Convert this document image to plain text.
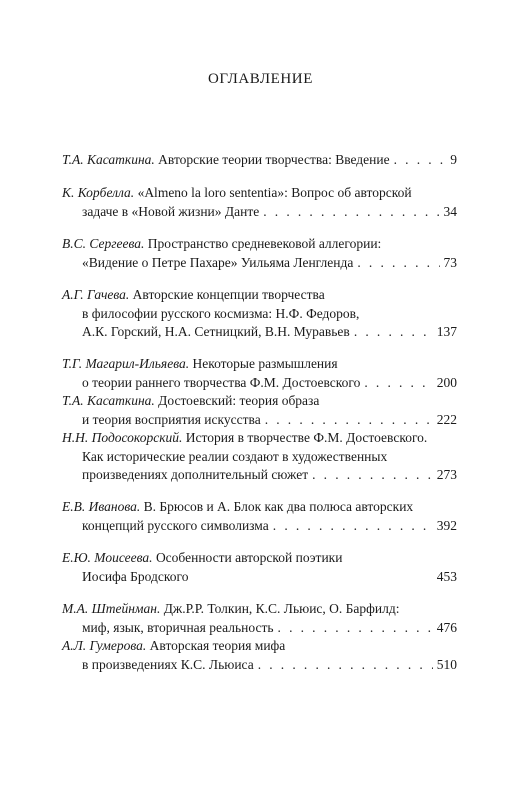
ОГЛАВЛЕНИЕ
Т.А. Касаткина.
Авторские теории творчества: Введение . . .	9
К. Корбелла.
«Almeno la loro sententia»: Вопрос об авторской
задаче в «Новой жизни» Данте . . .	34
В.С. Сергеева.
Пространство средневековой аллегории:
«Видение о Петре Пахаре» Уильяма Ленгленда . . .	73
А.Г. Гачева.
Авторские концепции творчества
в философии русского космизма: Н.Ф. Федоров,
А.К. Горский, Н.А. Сетницкий, В.Н. Муравьев . . .	137
Т.Г. Магарил-Ильяева.
Некоторые размышления
о теории раннего творчества Ф.М. Достоевского . . .	200
Т.А. Касаткина.
Достоевский: теория образа
и теория восприятия искусства . . .	222
Н.Н. Подосокорский.
История в творчестве Ф.М. Достоевского.
Как исторические реалии создают в художественных
произведениях дополнительный сюжет . . .	273
Е.В. Иванова.
В. Брюсов и А. Блок как два полюса авторских
концепций русского символизма . . .	392
Е.Ю. Моисеева.
Особенности авторской поэтики
Иосифа Бродского	453
М.А. Штейнман.
Дж.Р.Р. Толкин, К.С. Льюис, О. Барфилд:
миф, язык, вторичная реальность . . .	476
А.Л. Гумерова.
Авторская теория мифа
в произведениях К.С. Льюиса . . .	510
